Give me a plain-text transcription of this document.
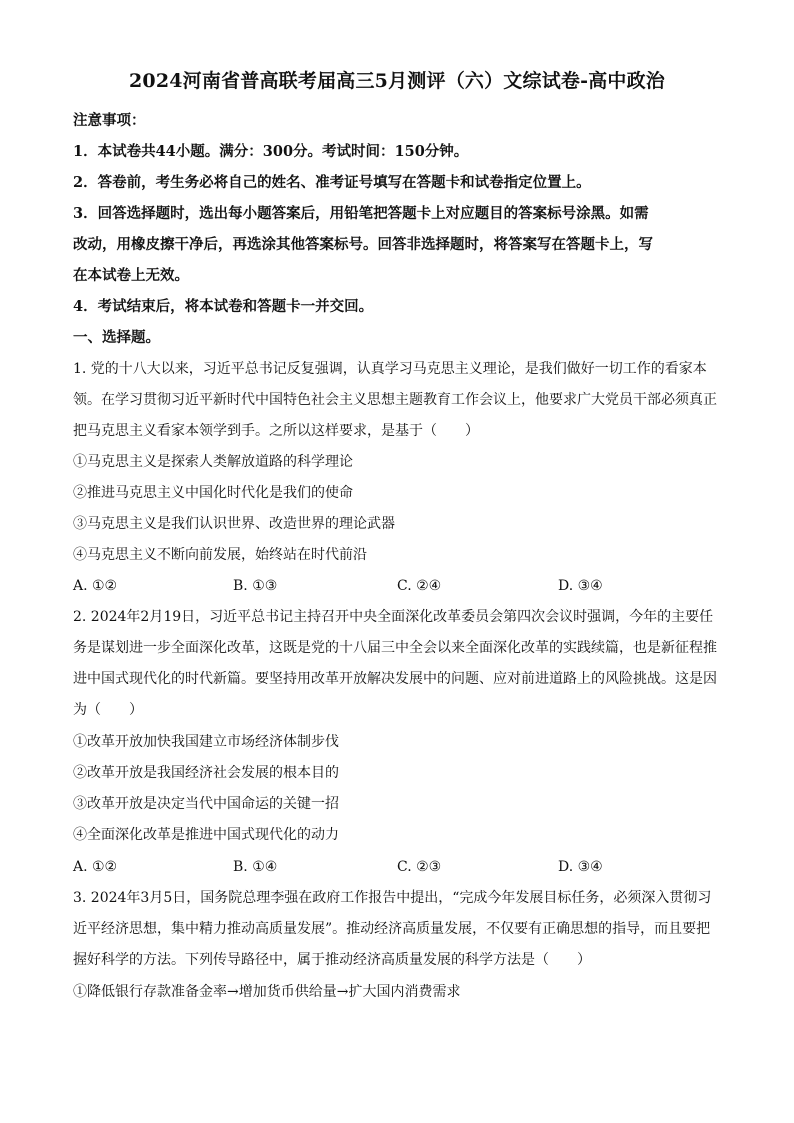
2024河南省普高联考届高三5月测评（六）文综试卷-高中政治
注意事项：
1．本试卷共44小题。满分：300分。考试时间：150分钟。
2．答卷前，考生务必将自己的姓名、准考证号填写在答题卡和试卷指定位置上。
3．回答选择题时，选出每小题答案后，用铅笔把答题卡上对应题目的答案标号涂黑。如需
改动，用橡皮擦干净后，再选涂其他答案标号。回答非选择题时，将答案写在答题卡上，写
在本试卷上无效。
4．考试结束后，将本试卷和答题卡一并交回。
一、选择题。
1. 党的十八大以来，习近平总书记反复强调，认真学习马克思主义理论，是我们做好一切工作的看家本
领。在学习贯彻习近平新时代中国特色社会主义思想主题教育工作会议上，他要求广大党员干部必须真正
把马克思主义看家本领学到手。之所以这样要求，是基于（　　）
①马克思主义是探索人类解放道路的科学理论
②推进马克思主义中国化时代化是我们的使命
③马克思主义是我们认识世界、改造世界的理论武器
④马克思主义不断向前发展，始终站在时代前沿
A. ①②	B. ①③	C. ②④	D. ③④
2. 2024年2月19日，习近平总书记主持召开中央全面深化改革委员会第四次会议时强调，今年的主要任
务是谋划进一步全面深化改革，这既是党的十八届三中全会以来全面深化改革的实践续篇，也是新征程推
进中国式现代化的时代新篇。要坚持用改革开放解决发展中的问题、应对前进道路上的风险挑战。这是因
为（　　）
①改革开放加快我国建立市场经济体制步伐
②改革开放是我国经济社会发展的根本目的
③改革开放是决定当代中国命运的关键一招
④全面深化改革是推进中国式现代化的动力
A. ①②	B. ①④	C. ②③	D. ③④
3. 2024年3月5日，国务院总理李强在政府工作报告中提出，“完成今年发展目标任务，必须深入贯彻习
近平经济思想，集中精力推动高质量发展”。推动经济高质量发展，不仅要有正确思想的指导，而且要把
握好科学的方法。下列传导路径中，属于推动经济高质量发展的科学方法是（　　）
①降低银行存款准备金率→增加货币供给量→扩大国内消费需求
